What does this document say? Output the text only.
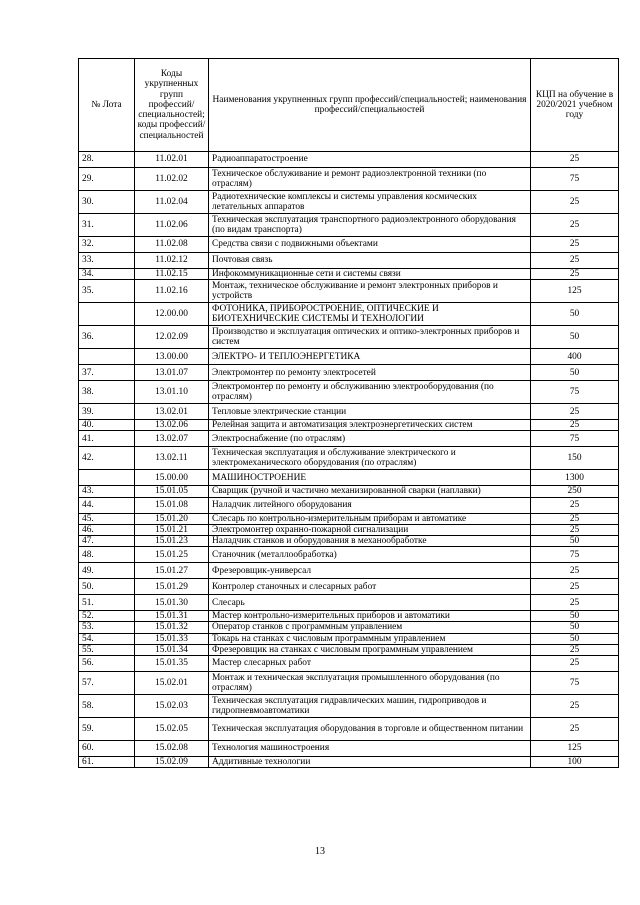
№ Лота	Коды укрупненных групп профессий/ специальностей; коды профессий/ специальностей	Наименования укрупненных групп профессий/специальностей; наименования профессий/специальностей	КЦП на обучение в 2020/2021 учебном году
28.	11.02.01	Радиоаппаратостроение	25
29.	11.02.02	Техническое обслуживание и ремонт радиоэлектронной техники (по отраслям)	75
30.	11.02.04	Радиотехнические комплексы и системы управления космических летательных аппаратов	25
31.	11.02.06	Техническая эксплуатация транспортного радиоэлектронного оборудования (по видам транспорта)	25
32.	11.02.08	Средства связи с подвижными объектами	25
33.	11.02.12	Почтовая связь	25
34.	11.02.15	Инфокоммуникационные сети и системы связи	25
35.	11.02.16	Монтаж, техническое обслуживание и ремонт электронных приборов и устройств	125
	12.00.00	ФОТОНИКА, ПРИБОРОСТРОЕНИЕ, ОПТИЧЕСКИЕ И БИОТЕХНИЧЕСКИЕ СИСТЕМЫ И ТЕХНОЛОГИИ	50
36.	12.02.09	Производство и эксплуатация оптических и оптико-электронных приборов и систем	50
	13.00.00	ЭЛЕКТРО- И ТЕПЛОЭНЕРГЕТИКА	400
37.	13.01.07	Электромонтер по ремонту электросетей	50
38.	13.01.10	Электромонтер по ремонту и обслуживанию электрооборудования (по отраслям)	75
39.	13.02.01	Тепловые электрические станции	25
40.	13.02.06	Релейная защита и автоматизация электроэнергетических систем	25
41.	13.02.07	Электроснабжение (по отраслям)	75
42.	13.02.11	Техническая эксплуатация и обслуживание электрического и электромеханического оборудования (по отраслям)	150
	15.00.00	МАШИНОСТРОЕНИЕ	1300
43.	15.01.05	Сварщик (ручной и частично механизированной сварки (наплавки)	250
44.	15.01.08	Наладчик литейного оборудования	25
45.	15.01.20	Слесарь по контрольно-измерительным приборам и автоматике	25
46.	15.01.21	Электромонтер охранно-пожарной сигнализации	25
47.	15.01.23	Наладчик станков и оборудования в механообработке	50
48.	15.01.25	Станочник (металлообработка)	75
49.	15.01.27	Фрезеровщик-универсал	25
50.	15.01.29	Контролер станочных и слесарных работ	25
51.	15.01.30	Слесарь	25
52.	15.01.31	Мастер контрольно-измерительных приборов и автоматики	50
53.	15.01.32	Оператор станков с программным управлением	50
54.	15.01.33	Токарь на станках с числовым программным управлением	50
55.	15.01.34	Фрезеровщик на станках с числовым программным управлением	25
56.	15.01.35	Мастер слесарных работ	25
57.	15.02.01	Монтаж и техническая эксплуатация промышленного оборудования (по отраслям)	75
58.	15.02.03	Техническая эксплуатация гидравлических машин, гидроприводов и гидропневмоавтоматики	25
59.	15.02.05	Техническая эксплуатация оборудования в торговле и общественном питании	25
60.	15.02.08	Технология машиностроения	125
61.	15.02.09	Аддитивные технологии	100
13
